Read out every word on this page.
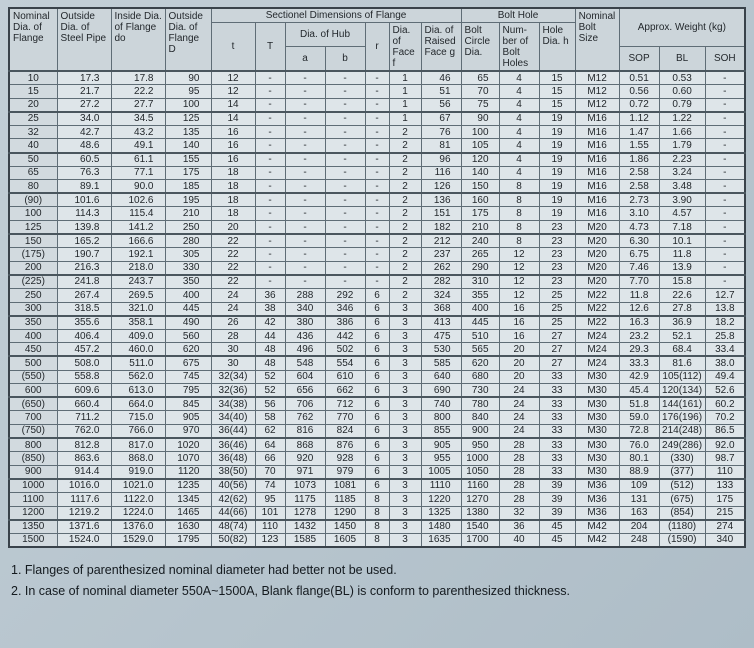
Nominal Dia. of Flange	Outside Dia. of Steel Pipe	Inside Dia. of Flange do	Outside Dia. of Flange D	Sectionel Dimensions of Flange							Bolt Hole			Nominal Bolt Size	Approx. Weight (kg)		
				t	T	Dia. of Hub		r	Dia. of Face f	Dia. of Raised Face g	Bolt Circle Dia.	Num-ber of Bolt Holes	Hole Dia. h				
						a	b								SOP	BL	SOH
10	17.3	17.8	90	12	-	-	-	-	1	46	65	4	15	M12	0.51	0.53	-
15	21.7	22.2	95	12	-	-	-	-	1	51	70	4	15	M12	0.56	0.60	-
20	27.2	27.7	100	14	-	-	-	-	1	56	75	4	15	M12	0.72	0.79	-
25	34.0	34.5	125	14	-	-	-	-	1	67	90	4	19	M16	1.12	1.22	-
32	42.7	43.2	135	16	-	-	-	-	2	76	100	4	19	M16	1.47	1.66	-
40	48.6	49.1	140	16	-	-	-	-	2	81	105	4	19	M16	1.55	1.79	-
50	60.5	61.1	155	16	-	-	-	-	2	96	120	4	19	M16	1.86	2.23	-
65	76.3	77.1	175	18	-	-	-	-	2	116	140	4	19	M16	2.58	3.24	-
80	89.1	90.0	185	18	-	-	-	-	2	126	150	8	19	M16	2.58	3.48	-
(90)	101.6	102.6	195	18	-	-	-	-	2	136	160	8	19	M16	2.73	3.90	-
100	114.3	115.4	210	18	-	-	-	-	2	151	175	8	19	M16	3.10	4.57	-
125	139.8	141.2	250	20	-	-	-	-	2	182	210	8	23	M20	4.73	7.18	-
150	165.2	166.6	280	22	-	-	-	-	2	212	240	8	23	M20	6.30	10.1	-
(175)	190.7	192.1	305	22	-	-	-	-	2	237	265	12	23	M20	6.75	11.8	-
200	216.3	218.0	330	22	-	-	-	-	2	262	290	12	23	M20	7.46	13.9	-
(225)	241.8	243.7	350	22	-	-	-	-	2	282	310	12	23	M20	7.70	15.8	-
250	267.4	269.5	400	24	36	288	292	6	2	324	355	12	25	M22	11.8	22.6	12.7
300	318.5	321.0	445	24	38	340	346	6	3	368	400	16	25	M22	12.6	27.8	13.8
350	355.6	358.1	490	26	42	380	386	6	3	413	445	16	25	M22	16.3	36.9	18.2
400	406.4	409.0	560	28	44	436	442	6	3	475	510	16	27	M24	23.2	52.1	25.8
450	457.2	460.0	620	30	48	496	502	6	3	530	565	20	27	M24	29.3	68.4	33.4
500	508.0	511.0	675	30	48	548	554	6	3	585	620	20	27	M24	33.3	81.6	38.0
(550)	558.8	562.0	745	32(34)	52	604	610	6	3	640	680	20	33	M30	42.9	105(112)	49.4
600	609.6	613.0	795	32(36)	52	656	662	6	3	690	730	24	33	M30	45.4	120(134)	52.6
(650)	660.4	664.0	845	34(38)	56	706	712	6	3	740	780	24	33	M30	51.8	144(161)	60.2
700	711.2	715.0	905	34(40)	58	762	770	6	3	800	840	24	33	M30	59.0	176(196)	70.2
(750)	762.0	766.0	970	36(44)	62	816	824	6	3	855	900	24	33	M30	72.8	214(248)	86.5
800	812.8	817.0	1020	36(46)	64	868	876	6	3	905	950	28	33	M30	76.0	249(286)	92.0
(850)	863.6	868.0	1070	36(48)	66	920	928	6	3	955	1000	28	33	M30	80.1	(330)	98.7
900	914.4	919.0	1120	38(50)	70	971	979	6	3	1005	1050	28	33	M30	88.9	(377)	110
1000	1016.0	1021.0	1235	40(56)	74	1073	1081	6	3	1110	1160	28	39	M36	109	(512)	133
1100	1117.6	1122.0	1345	42(62)	95	1175	1185	8	3	1220	1270	28	39	M36	131	(675)	175
1200	1219.2	1224.0	1465	44(66)	101	1278	1290	8	3	1325	1380	32	39	M36	163	(854)	215
1350	1371.6	1376.0	1630	48(74)	110	1432	1450	8	3	1480	1540	36	45	M42	204	(1180)	274
1500	1524.0	1529.0	1795	50(82)	123	1585	1605	8	3	1635	1700	40	45	M42	248	(1590)	340
1. Flanges of parenthesized nominal diameter had better not be used.
2. In case of nominal diameter 550A~1500A, Blank flange(BL) is conform to parenthesized thickness.
